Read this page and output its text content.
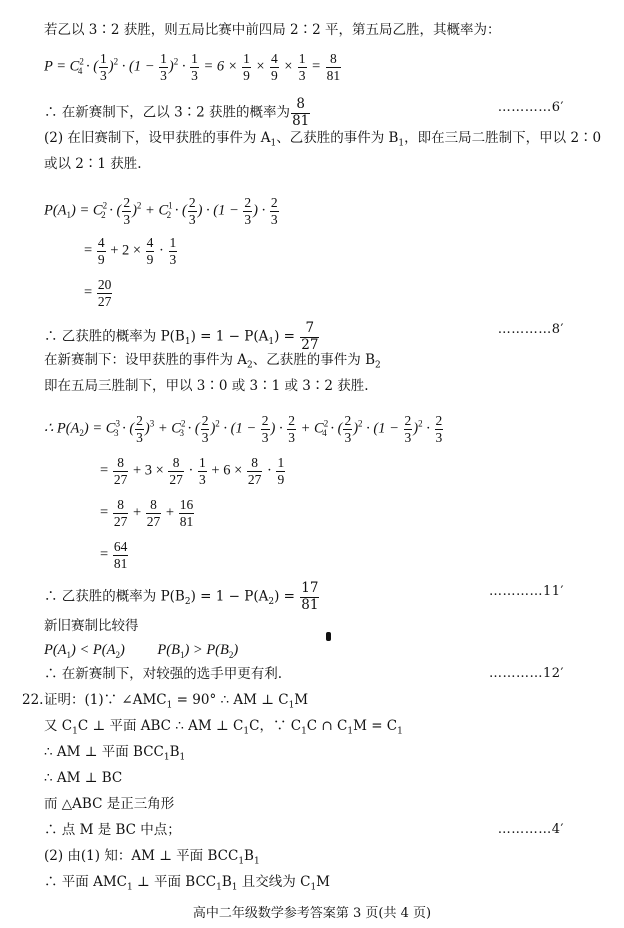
若乙以 3∶2 获胜，则五局比赛中前四局 2∶2 平，第五局乙胜，其概率为：
$P = C^2_4$ · ( $\frac{1}{3} )^2 \cdot (1 - \frac{1}{3} )^2 \cdot \frac{1}{3} = 6 \times \frac{1}{9} \times \frac{4}{9} \times \frac{1}{3} = \frac{8}{81}$
∴ 在新赛制下，乙以 3∶2 获胜的概率为 $\frac{8}{81}$	…………6′
(2) 在旧赛制下，设甲获胜的事件为 $A_1$、乙获胜的事件为 $B_1$，即在三局二胜制下，甲以 2∶0
或以 2∶1 获胜.
$P(A_1) = C^2_2$ · ( $\frac{2}{3} )^2 + C^1_2$ · ( $\frac{2}{3}$ ) · ($1 - \frac{2}{3}$ ) · $\frac{2}{3}$
= $\frac{4}{9} + 2 \times \frac{4}{9} \cdot \frac{1}{3}$
= $\frac{20}{27}$
∴ 乙获胜的概率为 $P(B_1) = 1 - P(A_1) = \frac{7}{27}$	…………8′
在新赛制下：设甲获胜的事件为 $A_2$、乙获胜的事件为 $B_2$
即在五局三胜制下，甲以 3∶0 或 3∶1 或 3∶2 获胜.
∴ $P(A_2) = C^3_3$ · ( $\frac{2}{3} )^3 + C^2_3$ · ( $\frac{2}{3} )^2 \cdot (1 - \frac{2}{3}$ ) · $\frac{2}{3} + C^2_4$ · ( $\frac{2}{3} )^2 \cdot (1 - \frac{2}{3} )^2 \cdot \frac{2}{3}$
= $\frac{8}{27} + 3 \times \frac{8}{27} \cdot \frac{1}{3} + 6 \times \frac{8}{27} \cdot \frac{1}{9}$
= $\frac{8}{27} + \frac{8}{27} + \frac{16}{81}$
= $\frac{64}{81}$
∴ 乙获胜的概率为 $P(B_2) = 1 - P(A_2) = \frac{17}{81}$	…………11′
新旧赛制比较得
$P(A_1) < P(A_2)$         $P(B_1) > P(B_2)$
∴ 在新赛制下，对较强的选手甲更有利.	…………12′
22. 证明：(1)∵ $\angle AMC_1 = 90^\circ$ ∴ AM ⊥ $C_1M$
又 $C_1C$ ⊥ 平面 ABC ∴ AM ⊥ $C_1C$，∵ $C_1C$ ∩ $C_1M = C_1$
∴ AM ⊥ 平面 $BCC_1B_1$
∴ AM ⊥ BC
而 △ABC 是正三角形
∴ 点 M 是 BC 中点；	…………4′
(2) 由(1) 知：AM ⊥ 平面 $BCC_1B_1$
∴ 平面 $AMC_1$ ⊥ 平面 $BCC_1B_1$ 且交线为 $C_1M$
高中二年级数学参考答案第 3 页(共 4 页)
